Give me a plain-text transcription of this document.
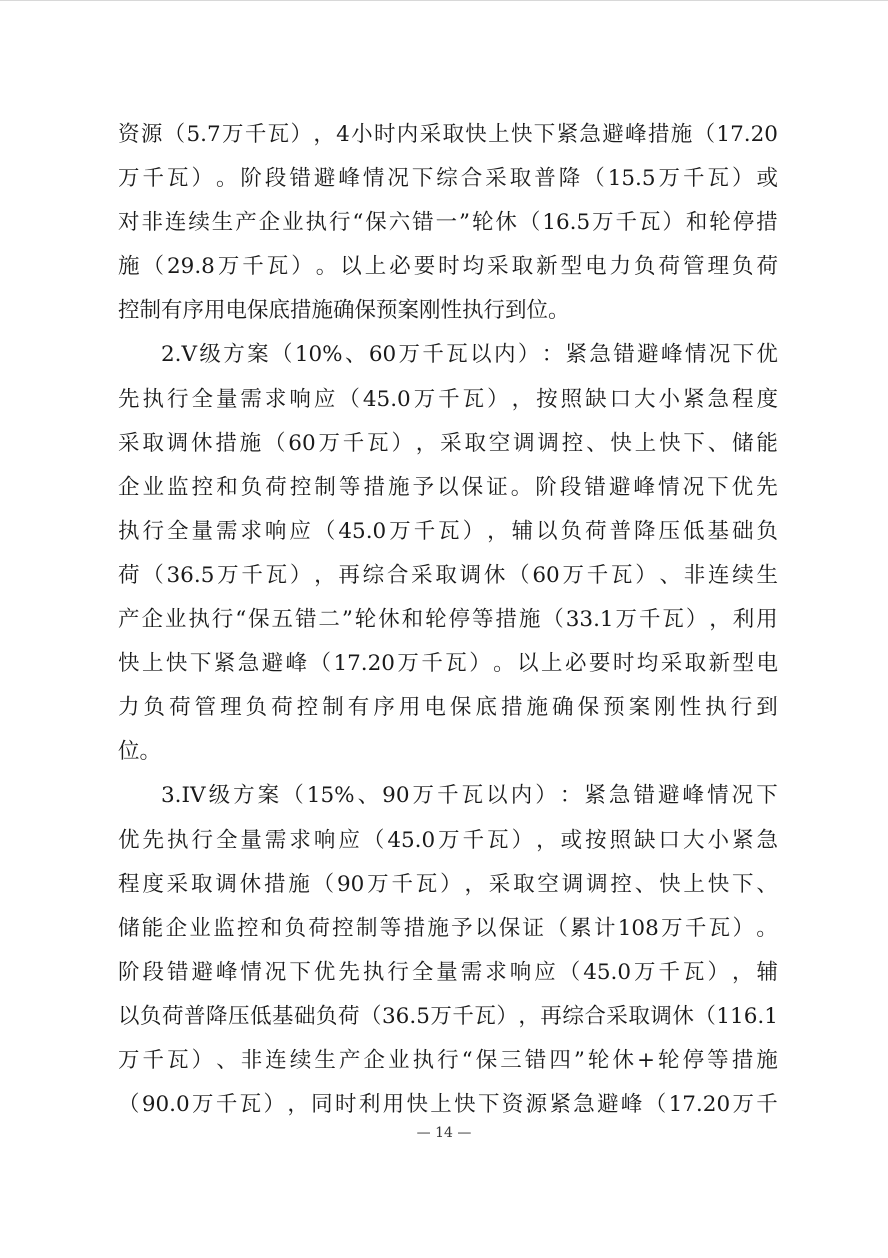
资 源 （ 5.7 万 千 瓦 ） ， 4 小 时 内 采 取 快 上 快 下 紧 急 避 峰 措 施 （ 17.20
万 千 瓦 ） 。 阶 段 错 避 峰 情 况 下 综 合 采 取 普 降 （ 15.5 万 千 瓦 ） 或
对 非 连 续 生 产 企 业 执 行 “ 保 六 错 一 ” 轮 休 （ 16.5 万 千 瓦 ） 和 轮 停 措
施 （ 29.8 万 千 瓦 ） 。 以 上 必 要 时 均 采 取 新 型 电 力 负 荷 管 理 负 荷
控制有序用电保底措施确保预案刚性执行到位。
2.V 级 方 案 （ 10% 、 60 万 千 瓦 以 内 ） ： 紧 急 错 避 峰 情 况 下 优
先 执 行 全 量 需 求 响 应 （ 45.0 万 千 瓦 ） ， 按 照 缺 口 大 小 紧 急 程 度
采 取 调 休 措 施 （ 60 万 千 瓦 ） ， 采 取 空 调 调 控 、 快 上 快 下 、 储 能
企 业 监 控 和 负 荷 控 制 等 措 施 予 以 保 证 。 阶 段 错 避 峰 情 况 下 优 先
执 行 全 量 需 求 响 应 （ 45.0 万 千 瓦 ） ， 辅 以 负 荷 普 降 压 低 基 础 负
荷 （ 36.5 万 千 瓦 ） ， 再 综 合 采 取 调 休 （ 60 万 千 瓦 ） 、 非 连 续 生
产 企 业 执 行 “ 保 五 错 二 ” 轮 休 和 轮 停 等 措 施 （ 33.1 万 千 瓦 ） ， 利 用
快 上 快 下 紧 急 避 峰 （ 17.20 万 千 瓦 ） 。 以 上 必 要 时 均 采 取 新 型 电
力 负 荷 管 理 负 荷 控 制 有 序 用 电 保 底 措 施 确 保 预 案 刚 性 执 行 到
位。
3.IV 级 方 案 （ 15% 、 90 万 千 瓦 以 内 ） ： 紧 急 错 避 峰 情 况 下
优 先 执 行 全 量 需 求 响 应 （ 45.0 万 千 瓦 ） ， 或 按 照 缺 口 大 小 紧 急
程 度 采 取 调 休 措 施 （ 90 万 千 瓦 ） ， 采 取 空 调 调 控 、 快 上 快 下 、
储 能 企 业 监 控 和 负 荷 控 制 等 措 施 予 以 保 证 （ 累 计 108 万 千 瓦 ） 。
阶 段 错 避 峰 情 况 下 优 先 执 行 全 量 需 求 响 应 （ 45.0 万 千 瓦 ） ， 辅
以 负 荷 普 降 压 低 基 础 负 荷 （ 36.5 万 千 瓦 ） ， 再 综 合 采 取 调 休 （ 116.1
万 千 瓦 ） 、 非 连 续 生 产 企 业 执 行 “ 保 三 错 四 ” 轮 休 + 轮 停 等 措 施
（ 90.0 万 千 瓦 ） ， 同 时 利 用 快 上 快 下 资 源 紧 急 避 峰 （ 17.20 万 千
— 14 —
